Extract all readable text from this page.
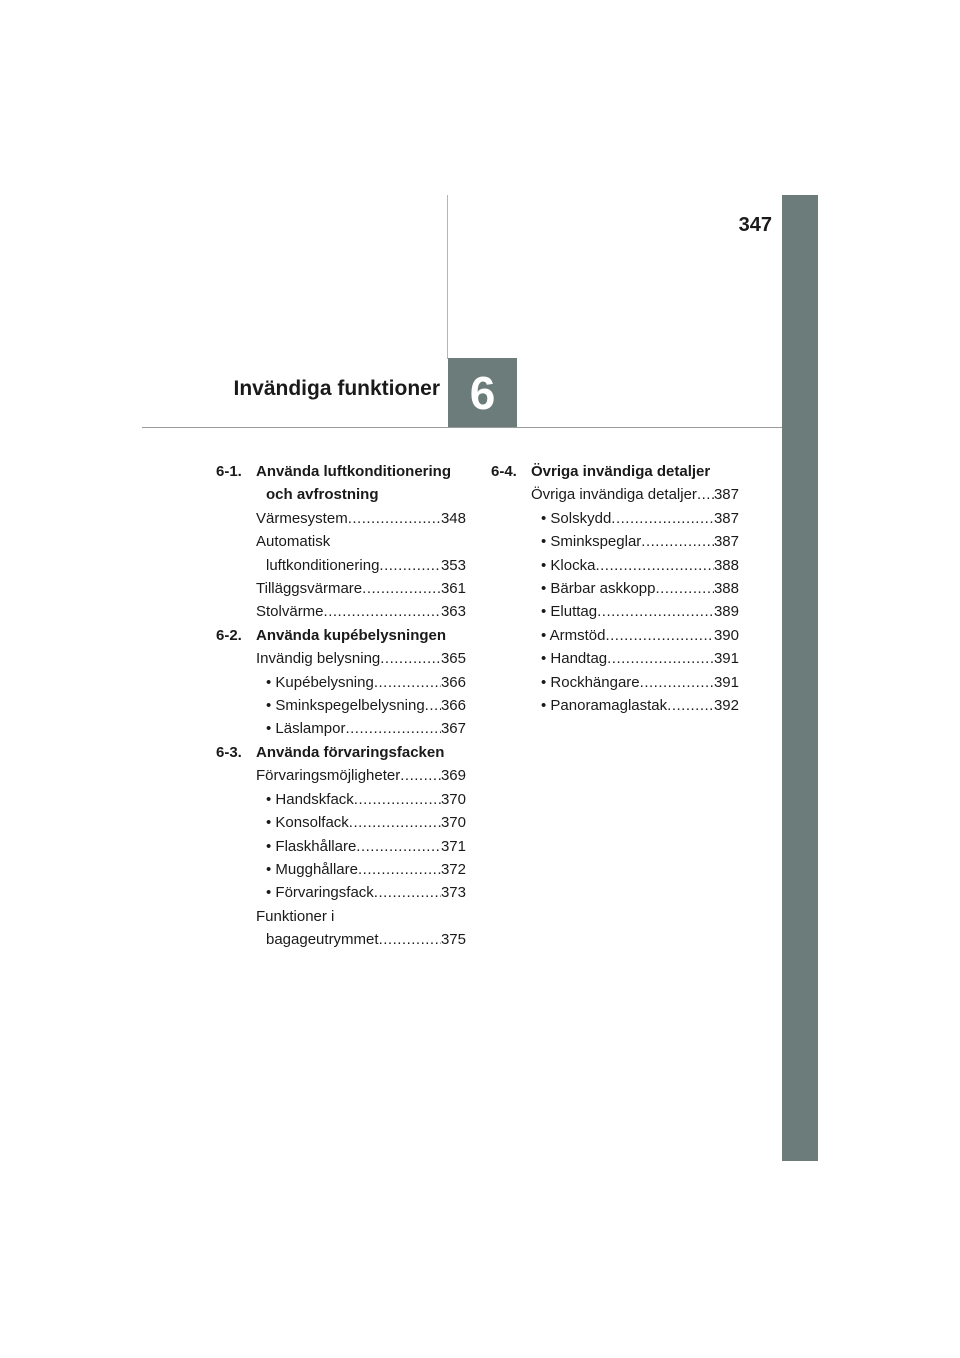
347
Invändiga funktioner 6
6-1. Använda luftkonditionering och avfrostning
Värmesystem .....	348
Automatisk
luftkonditionering .....	353
Tilläggsvärmare .....	361
Stolvärme .....	363
6-2. Använda kupébelysningen
Invändig belysning .....	365
• Kupébelysning .....	366
• Sminkspegelbelysning ..... 366
• Läslampor .....	367
6-3. Använda förvaringsfacken
Förvaringsmöjligheter .....	369
• Handskfack .....	370
• Konsolfack .....	370
• Flaskhållare .....	371
• Mugghållare .....	372
• Förvaringsfack .....	373
Funktioner i
bagageutrymmet .....	375
6-4. Övriga invändiga detaljer
Övriga invändiga detaljer ..... 387
• Solskydd .....	387
• Sminkspeglar .....	387
• Klocka .....	388
• Bärbar askkopp .....	388
• Eluttag .....	389
• Armstöd .....	390
• Handtag .....	391
• Rockhängare .....	391
• Panoramaglastak .....	392
